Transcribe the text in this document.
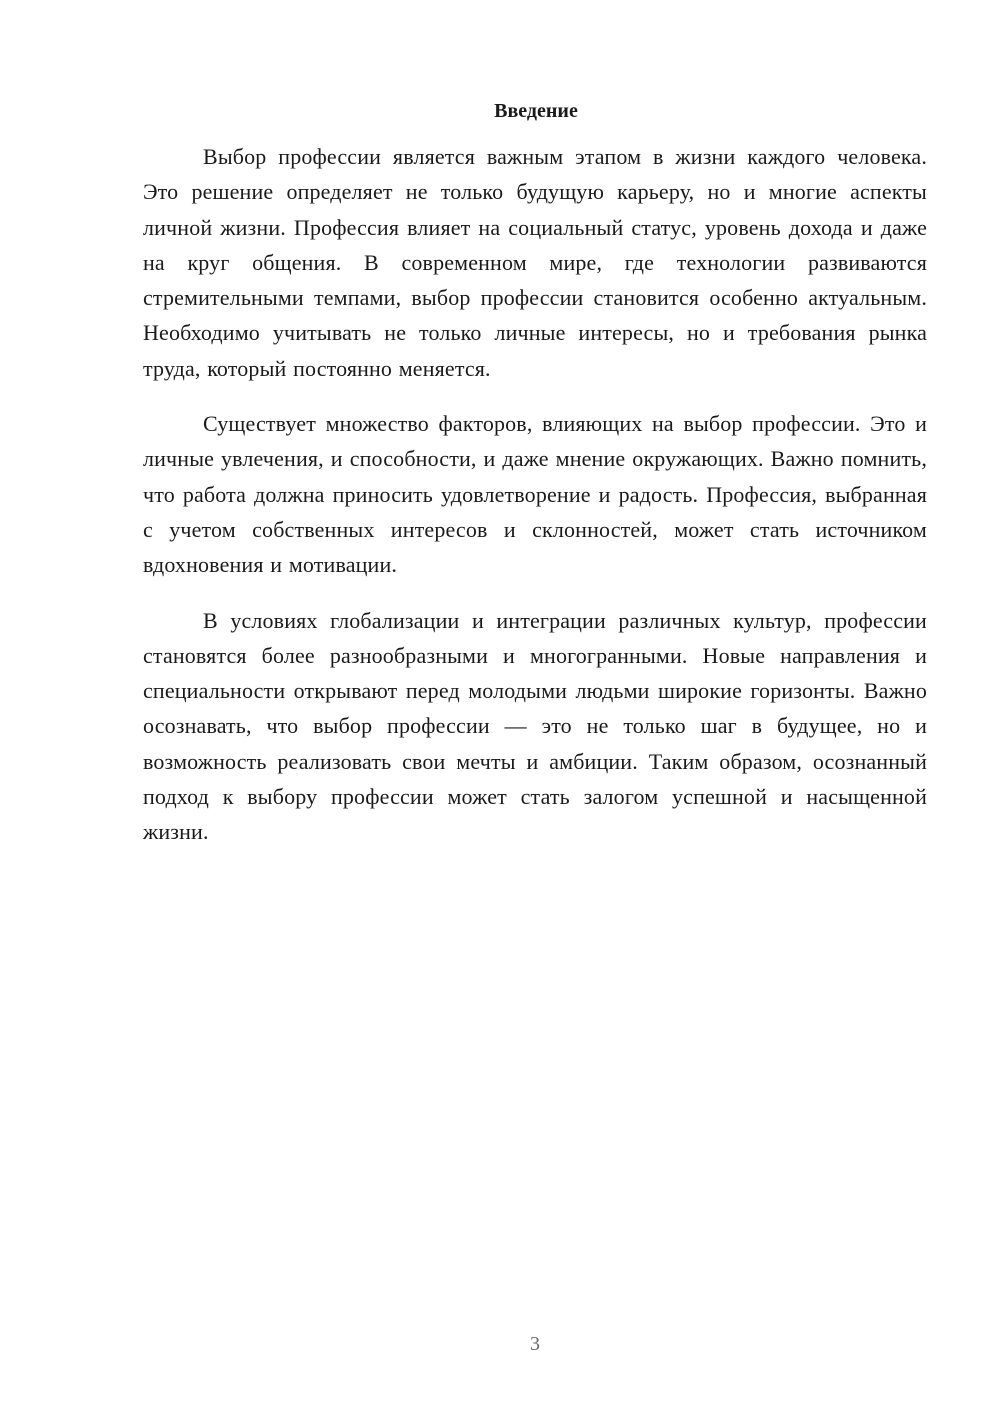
Введение

Выбор профессии является важным этапом в жизни каждого человека. Это решение определяет не только будущую карьеру, но и многие аспекты личной жизни. Профессия влияет на социальный статус, уровень дохода и даже на круг общения. В современном мире, где технологии развиваются стремительными темпами, выбор профессии становится особенно актуальным. Необходимо учитывать не только личные интересы, но и требования рынка труда, который постоянно меняется.

Существует множество факторов, влияющих на выбор профессии. Это и личные увлечения, и способности, и даже мнение окружающих. Важно помнить, что работа должна приносить удовлетворение и радость. Профессия, выбранная с учетом собственных интересов и склонностей, может стать источником вдохновения и мотивации.

В условиях глобализации и интеграции различных культур, профессии становятся более разнообразными и многогранными. Новые направления и специальности открывают перед молодыми людьми широкие горизонты. Важно осознавать, что выбор профессии — это не только шаг в будущее, но и возможность реализовать свои мечты и амбиции. Таким образом, осознанный подход к выбору профессии может стать залогом успешной и насыщенной жизни.

3
